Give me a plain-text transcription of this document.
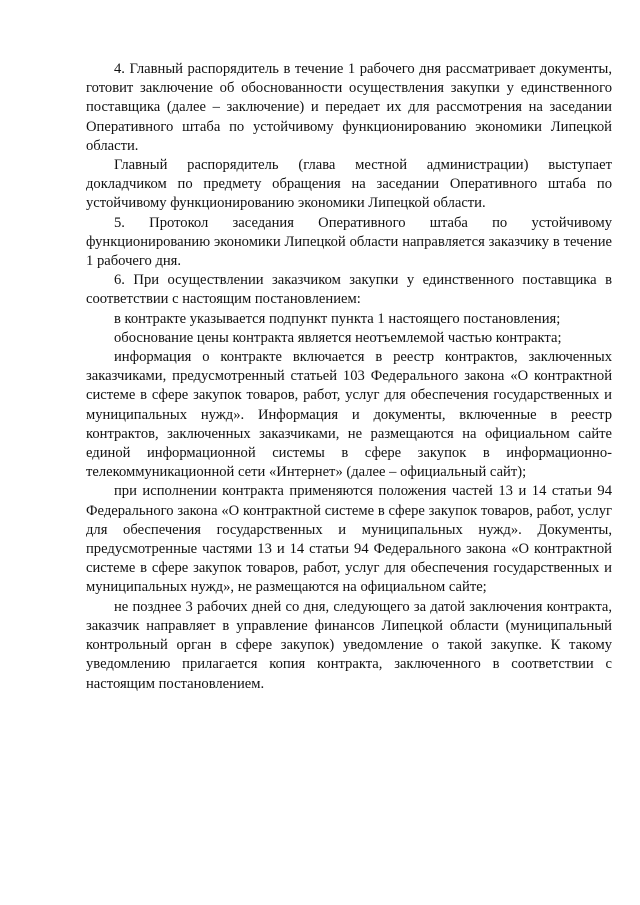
4. Главный распорядитель в течение 1 рабочего дня рассматривает документы, готовит заключение об обоснованности осуществления закупки у единственного поставщика (далее – заключение) и передает их для рассмотрения на заседании Оперативного штаба по устойчивому функционированию экономики Липецкой области.

Главный распорядитель (глава местной администрации) выступает докладчиком по предмету обращения на заседании Оперативного штаба по устойчивому функционированию экономики Липецкой области.

5. Протокол заседания Оперативного штаба по устойчивому функционированию экономики Липецкой области направляется заказчику в течение 1 рабочего дня.

6. При осуществлении заказчиком закупки у единственного поставщика в соответствии с настоящим постановлением:

в контракте указывается подпункт пункта 1 настоящего постановления;

обоснование цены контракта является неотъемлемой частью контракта;

информация о контракте включается в реестр контрактов, заключенных заказчиками, предусмотренный статьей 103 Федерального закона «О контрактной системе в сфере закупок товаров, работ, услуг для обеспечения государственных и муниципальных нужд». Информация и документы, включенные в реестр контрактов, заключенных заказчиками, не размещаются на официальном сайте единой информационной системы в сфере закупок в информационно-телекоммуникационной сети «Интернет» (далее – официальный сайт);

при исполнении контракта применяются положения частей 13 и 14 статьи 94 Федерального закона «О контрактной системе в сфере закупок товаров, работ, услуг для обеспечения государственных и муниципальных нужд». Документы, предусмотренные частями 13 и 14 статьи 94 Федерального закона «О контрактной системе в сфере закупок товаров, работ, услуг для обеспечения государственных и муниципальных нужд», не размещаются на официальном сайте;

не позднее 3 рабочих дней со дня, следующего за датой заключения контракта, заказчик направляет в управление финансов Липецкой области (муниципальный контрольный орган в сфере закупок) уведомление о такой закупке. К такому уведомлению прилагается копия контракта, заключенного в соответствии с настоящим постановлением.
